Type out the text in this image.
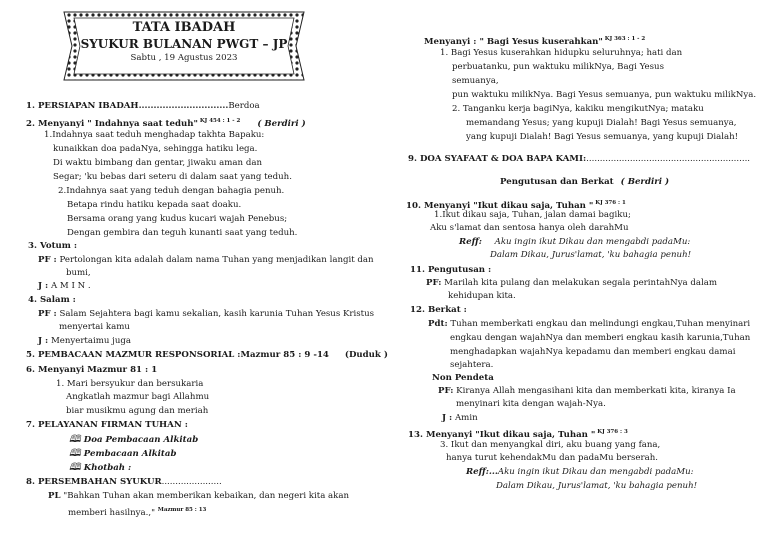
TATA IBADAH
SYUKUR BULANAN PWGT – JP
Sabtu , 19 Agustus 2023
1. PERSIAPAN IBADAH..............................Berdoa
2. Menyanyi " Indahnya saat teduh" $^{KJ 454 : 1 - 2}$ ( Berdiri )
1.Indahnya saat teduh menghadap takhta Bapaku:
kunaikkan doa padaNya, sehingga hatiku lega.
Di waktu bimbang dan gentar, jiwaku aman dan
Segar; 'ku bebas dari seteru di dalam saat yang teduh.
2.Indahnya saat yang teduh dengan bahagia penuh.
Betapa rindu hatiku kepada saat doaku.
Bersama orang yang kudus kucari wajah Penebus;
Dengan gembira dan teguh kunanti saat yang teduh.
3. Votum :
PF : Pertolongan kita adalah dalam nama Tuhan yang menjadikan langit dan
bumi,
J : A M I N .
4. Salam :
PF : Salam Sejahtera bagi kamu sekalian, kasih karunia Tuhan Yesus Kristus
menyertai kamu
J : Menyertaimu juga
5. PEMBACAAN MAZMUR RESPONSORIAL :Mazmur 85 : 9 -14 (Duduk )
6. Menyanyi Mazmur 81 : 1
1. Mari bersyukur dan bersukaria
Angkatlah mazmur bagi Allahmu
biar musikmu agung dan meriah
7. PELAYANAN FIRMAN TUHAN :
🕮 Doa Pembacaan Alkitab
🕮 Pembacaan Alkitab
🕮 Khotbah :
8. PERSEMBAHAN SYUKUR......................
PL "Bahkan Tuhan akan memberikan kebaikan, dan negeri kita akan
memberi hasilnya.," $^{Mazmur 85 : 13}$
Menyanyi : " Bagi Yesus kuserahkan" $^{KJ 363 : 1 - 2}$
1. Bagi Yesus kuserahkan hidupku seluruhnya; hati dan
perbuatanku, pun waktuku milikNya, Bagi Yesus
semuanya,
pun waktuku milikNya. Bagi Yesus semuanya, pun waktuku milikNya.
2. Tanganku kerja bagiNya, kakiku mengikutNya; mataku
memandang Yesus; yang kupuji Dialah! Bagi Yesus semuanya,
yang kupuji Dialah! Bagi Yesus semuanya, yang kupuji Dialah!
9. DOA SYAFAAT & DOA BAPA KAMI:............................................................
Pengutusan dan Berkat ( Berdiri )
10. Menyanyi "Ikut dikau saja, Tuhan " $^{KJ 376 : 1}$
1.Ikut dikau saja, Tuhan, jalan damai bagiku;
Aku s'lamat dan sentosa hanya oleh darahMu
Reff: Aku ingin ikut Dikau dan mengabdi padaMu:
Dalam Dikau, Jurus'lamat, 'ku bahagia penuh!
11. Pengutusan :
PF: Marilah kita pulang dan melakukan segala perintahNya dalam
kehidupan kita.
12. Berkat :
Pdt: Tuhan memberkati engkau dan melindungi engkau,Tuhan menyinari
engkau dengan wajahNya dan memberi engkau kasih karunia,Tuhan
menghadapkan wajahNya kepadamu dan memberi engkau damai
sejahtera.
Non Pendeta
PF: Kiranya Allah mengasihani kita dan memberkati kita, kiranya Ia
menyinari kita dengan wajah-Nya.
J : Amin
13. Menyanyi "Ikut dikau saja, Tuhan " $^{KJ 376 : 3}$
3. Ikut dan menyangkal diri, aku buang yang fana,
hanya turut kehendakMu dan padaMu berserah.
Reff:...Aku ingin ikut Dikau dan mengabdi padaMu:
Dalam Dikau, Jurus'lamat, 'ku bahagia penuh!
